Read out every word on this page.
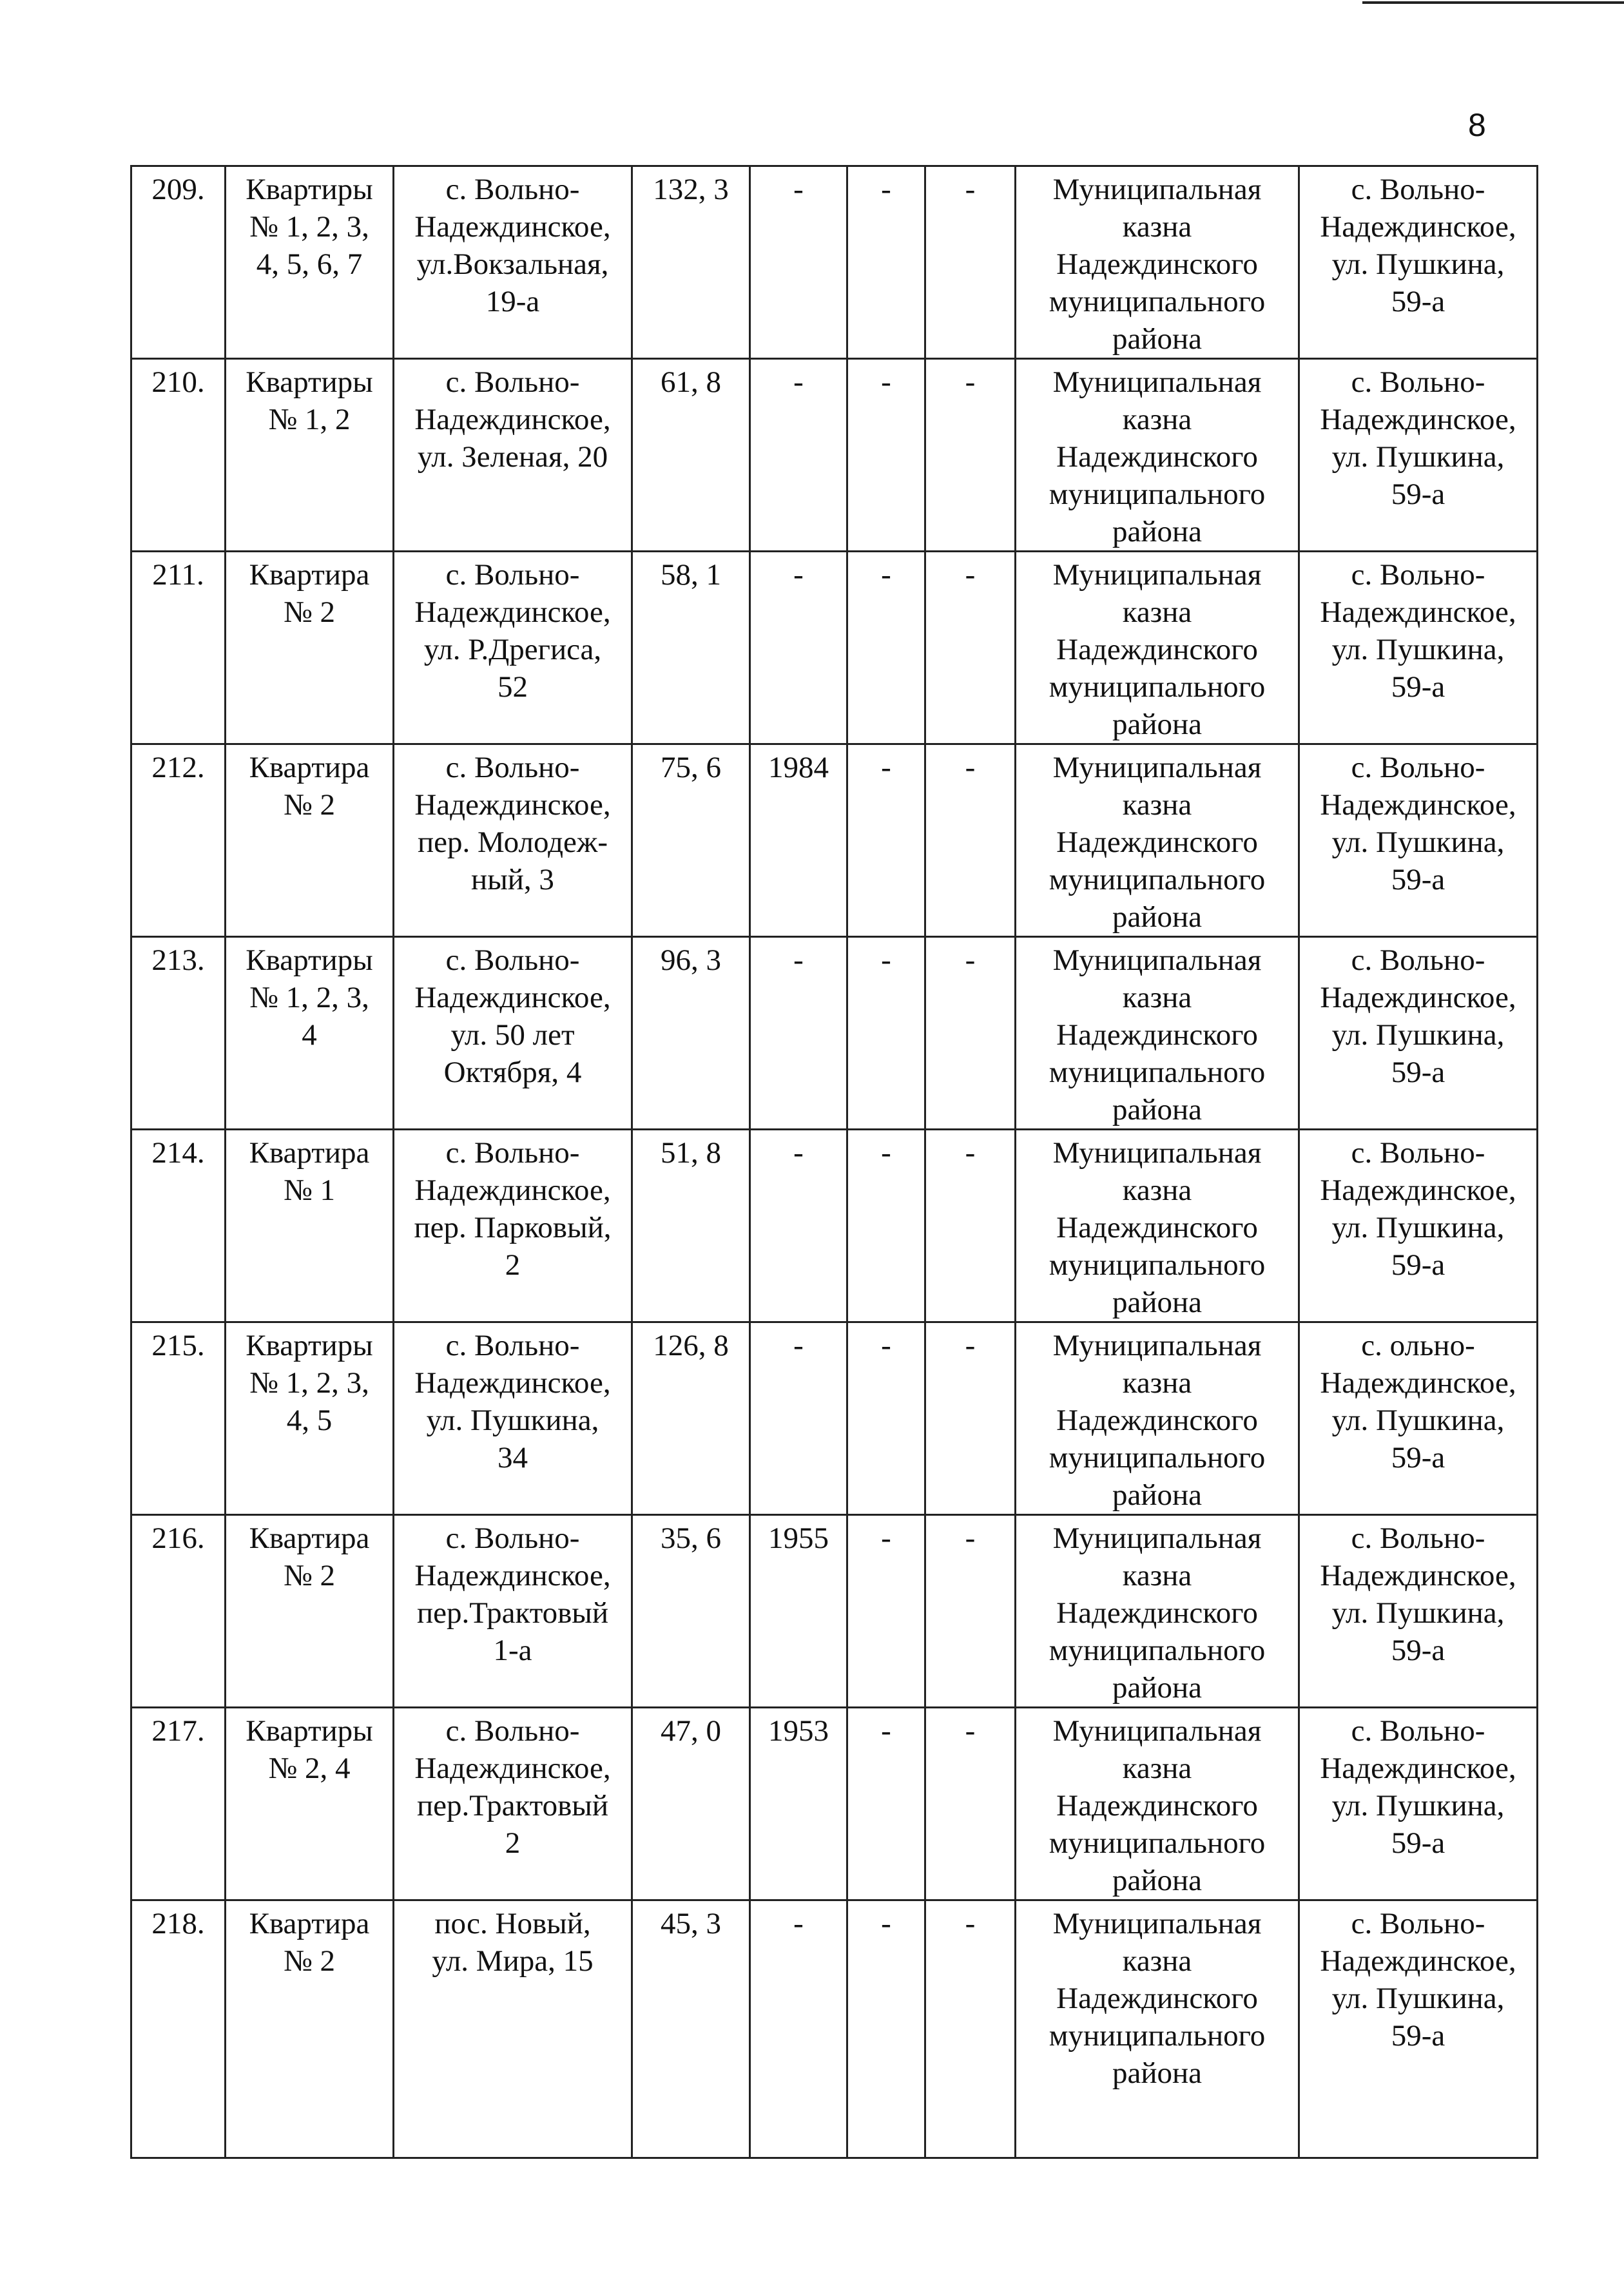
8
209.	Квартиры
№ 1, 2, 3,
4, 5, 6, 7	с. Вольно-
Надеждинское,
ул.Вокзальная,
19-а	132, 3	-	-	-	Муниципальная
казна
Надеждинского
муниципального
района	с. Вольно-
Надеждинское,
ул. Пушкина,
59-а
210.	Квартиры
№ 1, 2	с. Вольно-
Надеждинское,
ул. Зеленая, 20	61, 8	-	-	-	Муниципальная
казна
Надеждинского
муниципального
района	с. Вольно-
Надеждинское,
ул. Пушкина,
59-а
211.	Квартира
№ 2	с. Вольно-
Надеждинское,
ул. Р.Дрегиса,
52	58, 1	-	-	-	Муниципальная
казна
Надеждинского
муниципального
района	с. Вольно-
Надеждинское,
ул. Пушкина,
59-а
212.	Квартира
№ 2	с. Вольно-
Надеждинское,
пер. Молодеж-
ный, 3	75, 6	1984	-	-	Муниципальная
казна
Надеждинского
муниципального
района	с. Вольно-
Надеждинское,
ул. Пушкина,
59-а
213.	Квартиры
№ 1, 2, 3,
4	с. Вольно-
Надеждинское,
ул. 50 лет
Октября, 4	96, 3	-	-	-	Муниципальная
казна
Надеждинского
муниципального
района	с. Вольно-
Надеждинское,
ул. Пушкина,
59-а
214.	Квартира
№ 1	с. Вольно-
Надеждинское,
пер. Парковый,
2	51, 8	-	-	-	Муниципальная
казна
Надеждинского
муниципального
района	с. Вольно-
Надеждинское,
ул. Пушкина,
59-а
215.	Квартиры
№ 1, 2, 3,
4, 5	с. Вольно-
Надеждинское,
ул. Пушкина,
34	126, 8	-	-	-	Муниципальная
казна
Надеждинского
муниципального
района	с. ольно-
Надеждинское,
ул. Пушкина,
59-а
216.	Квартира
№ 2	с. Вольно-
Надеждинское,
пер.Трактовый
1-а	35, 6	1955	-	-	Муниципальная
казна
Надеждинского
муниципального
района	с. Вольно-
Надеждинское,
ул. Пушкина,
59-а
217.	Квартиры
№ 2, 4	с. Вольно-
Надеждинское,
пер.Трактовый
2	47, 0	1953	-	-	Муниципальная
казна
Надеждинского
муниципального
района	с. Вольно-
Надеждинское,
ул. Пушкина,
59-а
218.	Квартира
№ 2	пос. Новый,
ул. Мира, 15	45, 3	-	-	-	Муниципальная
казна
Надеждинского
муниципального
района	с. Вольно-
Надеждинское,
ул. Пушкина,
59-а
